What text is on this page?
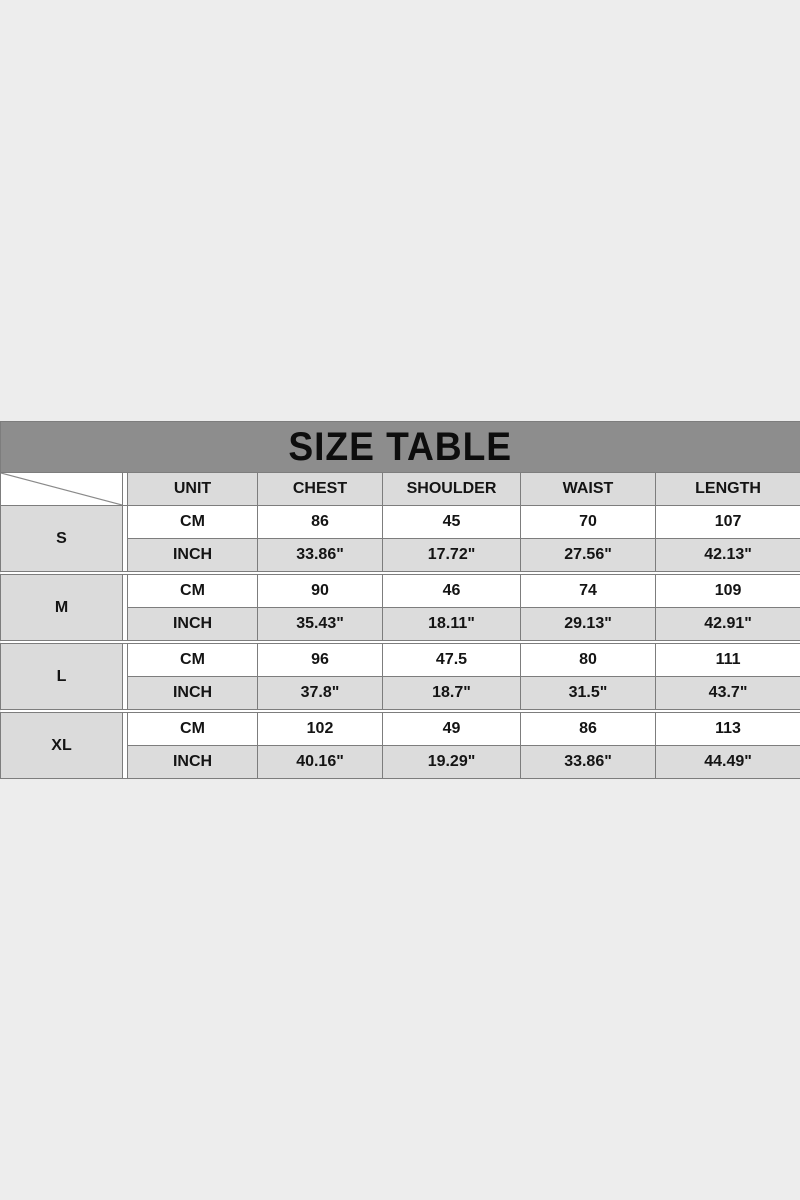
SIZE TABLE						

		UNIT	CHEST	SHOULDER	WAIST	LENGTH
S		CM	86	45	70	107
		INCH	33.86"	17.72"	27.56"	42.13"

M		CM	90	46	74	109
		INCH	35.43"	18.11"	29.13"	42.91"

L		CM	96	47.5	80	111
		INCH	37.8"	18.7"	31.5"	43.7"

XL		CM	102	49	86	113
		INCH	40.16"	19.29"	33.86"	44.49"
